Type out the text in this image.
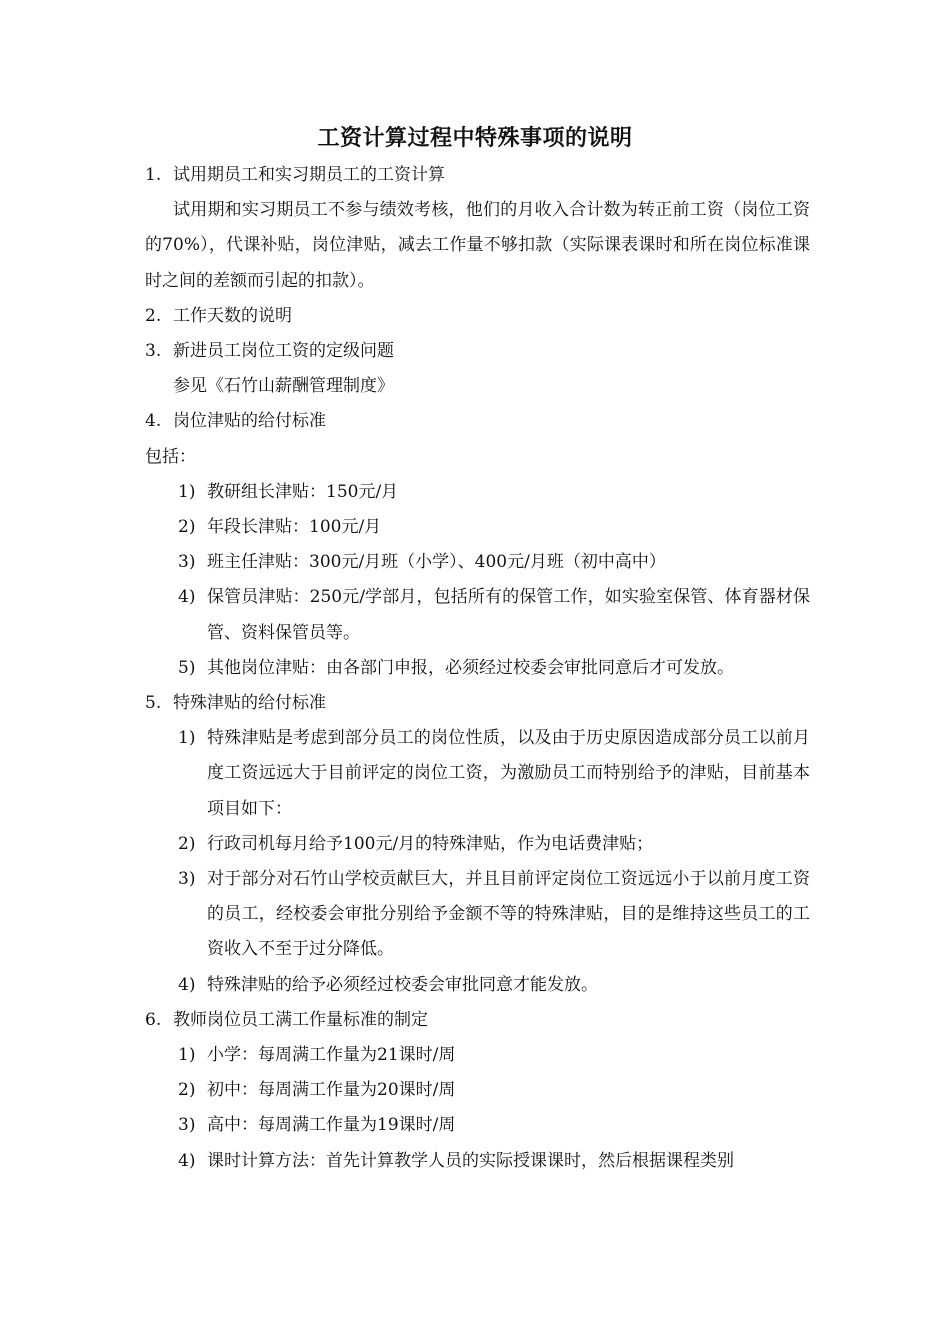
工资计算过程中特殊事项的说明
1. 试用期员工和实习期员工的工资计算
试用期和实习期员工不参与绩效考核，他们的月收入合计数为转正前工资（岗位工资的70%），代课补贴，岗位津贴，减去工作量不够扣款（实际课表课时和所在岗位标准课时之间的差额而引起的扣款）。
2. 工作天数的说明
3. 新进员工岗位工资的定级问题
参见《石竹山薪酬管理制度》
4. 岗位津贴的给付标准
包括：
1) 教研组长津贴：150元/月
2) 年段长津贴：100元/月
3) 班主任津贴：300元/月班（小学）、400元/月班（初中高中）
4) 保管员津贴：250元/学部月，包括所有的保管工作，如实验室保管、体育器材保管、资料保管员等。
5) 其他岗位津贴：由各部门申报，必须经过校委会审批同意后才可发放。
5. 特殊津贴的给付标准
1) 特殊津贴是考虑到部分员工的岗位性质，以及由于历史原因造成部分员工以前月度工资远远大于目前评定的岗位工资，为激励员工而特别给予的津贴，目前基本项目如下：
2) 行政司机每月给予100元/月的特殊津贴，作为电话费津贴；
3) 对于部分对石竹山学校贡献巨大，并且目前评定岗位工资远远小于以前月度工资的员工，经校委会审批分别给予金额不等的特殊津贴，目的是维持这些员工的工资收入不至于过分降低。
4) 特殊津贴的给予必须经过校委会审批同意才能发放。
6. 教师岗位员工满工作量标准的制定
1) 小学：每周满工作量为21课时/周
2) 初中：每周满工作量为20课时/周
3) 高中：每周满工作量为19课时/周
4) 课时计算方法：首先计算教学人员的实际授课课时，然后根据课程类别
